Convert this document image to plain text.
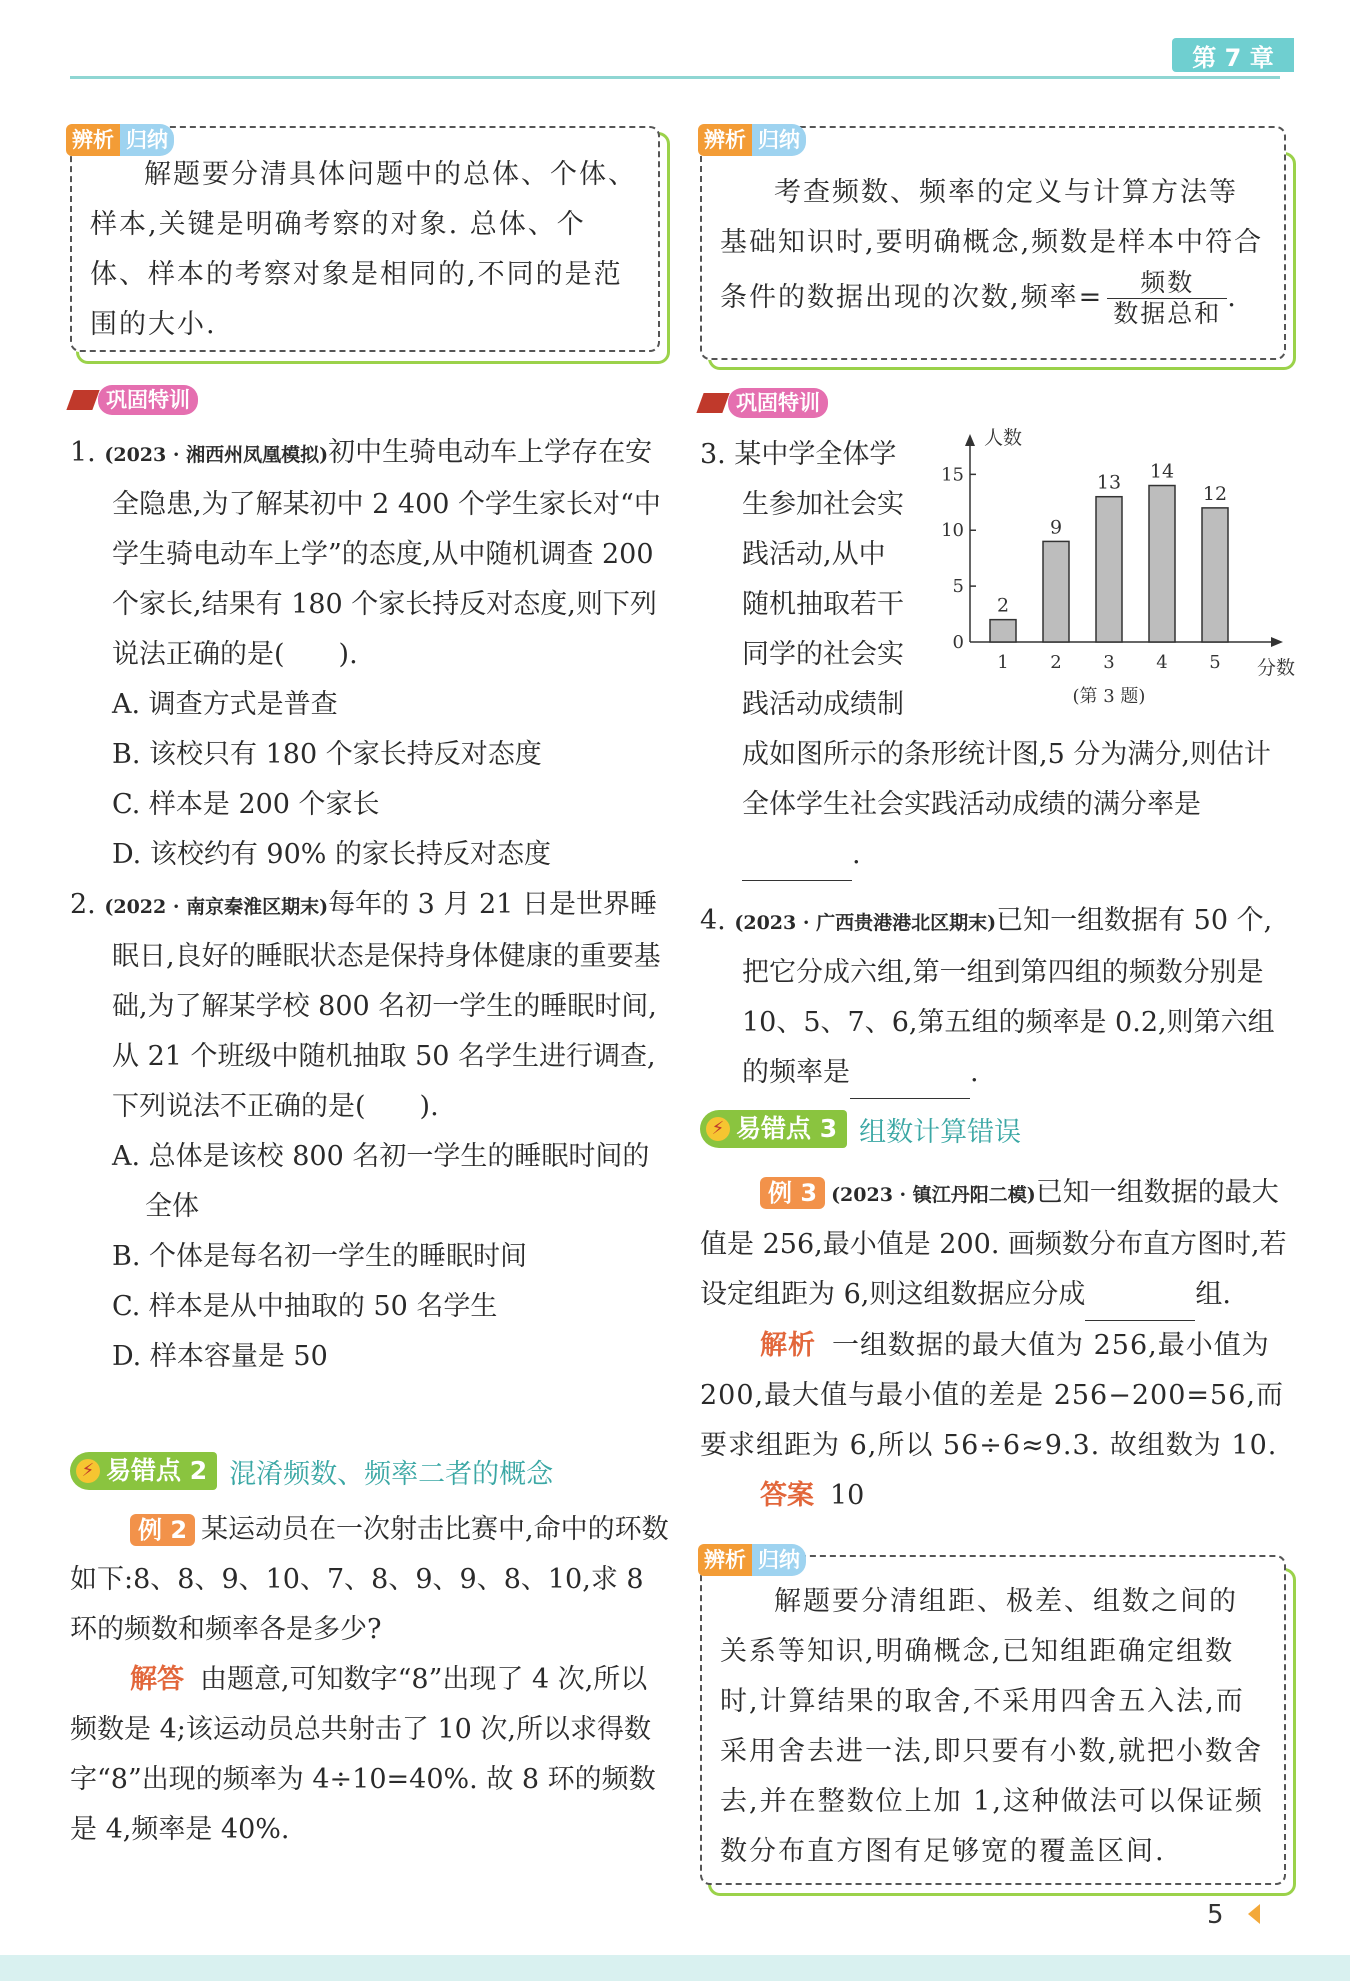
第 7 章
解题要分清具体问题中的总体、个体、样本,关键是明确考察的对象. 总体、个体、样本的考察对象是相同的,不同的是范围的大小.
辨析 归纳
巩固特训

1. (2023 · 湘西州凤凰模拟)初中生骑电动车上学存在安全隐患,为了解某初中 2 400 个学生家长对“中学生骑电动车上学”的态度,从中随机调查 200 个家长,结果有 180 个家长持反对态度,则下列说法正确的是(　　).

A. 调查方式是普查
B. 该校只有 180 个家长持反对态度
C. 样本是 200 个家长
D. 该校约有 90% 的家长持反对态度

2. (2022 · 南京秦淮区期末)每年的 3 月 21 日是世界睡眠日,良好的睡眠状态是保持身体健康的重要基础,为了解某学校 800 名初一学生的睡眠时间,从 21 个班级中随机抽取 50 名学生进行调查,下列说法不正确的是(　　).

A. 总体是该校 800 名初一学生的睡眠时间的全体
B. 个体是每名初一学生的睡眠时间
C. 样本是从中抽取的 50 名学生
D. 样本容量是 50
⚡ 易错点 2 混淆频数、频率二者的概念

例 2 某运动员在一次射击比赛中,命中的环数如下:8、8、9、10、7、8、9、9、8、10,求 8 环的频数和频率各是多少?

解答 由题意,可知数字“8”出现了 4 次,所以频数是 4;该运动员总共射击了 10 次,所以求得数字“8”出现的频率为 4÷10=40%. 故 8 环的频数是 4,频率是 40%.

考查频数、频率的定义与计算方法等基础知识时,要明确概念,频数是样本中符合条件的数据出现的次数,频率= $\frac{\text{频数}}{\text{数据总和}}$ .
辨析 归纳
巩固特训

3. 某中学全体学

生参加社会实

践活动,从中

随机抽取若干

同学的社会实

践活动成绩制

成如图所示的条形统计图,5 分为满分,则估计全体学生社会实践活动成绩的满分率是 .

0
5
10
15
人数
分数
2
1
9
2
13
3
14
4
12
5
(第 3 题)

4. (2023 · 广西贵港港北区期末)已知一组数据有 50 个,把它分成六组,第一组到第四组的频数分别是 10、5、7、6,第五组的频率是 0.2,则第六组的频率是	.

⚡ 易错点 3 组数计算错误

例 3 (2023 · 镇江丹阳二模)已知一组数据的最大值是 256,最小值是 200. 画频数分布直方图时,若设定组距为 6,则这组数据应分成	组.

解析 一组数据的最大值为 256,最小值为 200,最大值与最小值的差是 256−200=56,而要求组距为 6,所以 56÷6≈9.3. 故组数为 10.

答案 10

解题要分清组距、极差、组数之间的关系等知识,明确概念,已知组距确定组数时,计算结果的取舍,不采用四舍五入法,而采用舍去进一法,即只要有小数,就把小数舍去,并在整数位上加 1,这种做法可以保证频数分布直方图有足够宽的覆盖区间.
辨析 归纳
5
